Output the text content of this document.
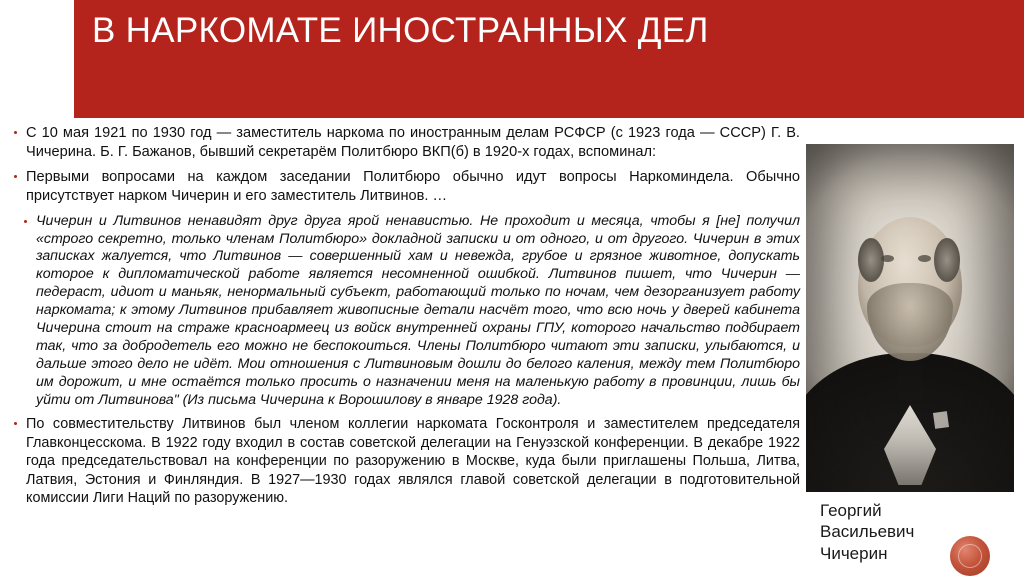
В НАРКОМАТЕ ИНОСТРАННЫХ ДЕЛ
С 10 мая 1921 по 1930 год — заместитель наркома по иностранным делам РСФСР (с 1923 года — СССР) Г. В. Чичерина. Б. Г. Бажанов, бывший секретарём Политбюро ВКП(б) в 1920-х годах, вспоминал:
Первыми вопросами на каждом заседании Политбюро обычно идут вопросы Наркоминдела. Обычно присутствует нарком Чичерин и его заместитель Литвинов. …
Чичерин и Литвинов ненавидят друг друга ярой ненавистью. Не проходит и месяца, чтобы я [не] получил «строго секретно, только членам Политбюро» докладной записки и от одного, и от другого. Чичерин в этих записках жалуется, что Литвинов — совершенный хам и невежда, грубое и грязное животное, допускать которое к дипломатической работе является несомненной ошибкой. Литвинов пишет, что Чичерин — педераст, идиот и маньяк, ненормальный субъект, работающий только по ночам, чем дезорганизует работу наркомата; к этому Литвинов прибавляет живописные детали насчёт того, что всю ночь у дверей кабинета Чичерина стоит на страже красноармеец из войск внутренней охраны ГПУ, которого начальство подбирает так, что за добродетель его можно не беспокоиться. Члены Политбюро читают эти записки, улыбаются, и дальше этого дело не идёт. Мои отношения с Литвиновым дошли до белого каления, между тем Политбюро им дорожит, и мне остаётся только просить о назначении меня на маленькую работу в провинции, лишь бы уйти от Литвинова" (Из письма Чичерина к Ворошилову в январе 1928 года).
По совместительству Литвинов был членом коллегии наркомата Госконтроля и заместителем председателя Главконцесскома. В 1922 году входил в состав советской делегации на Генуэзской конференции. В декабре 1922 года председательствовал на конференции по разоружению в Москве, куда были приглашены Польша, Литва, Латвия, Эстония и Финляндия. В 1927—1930 годах являлся главой советской делегации в подготовительной комиссии Лиги Наций по разоружению.
Георгий Васильевич Чичерин
